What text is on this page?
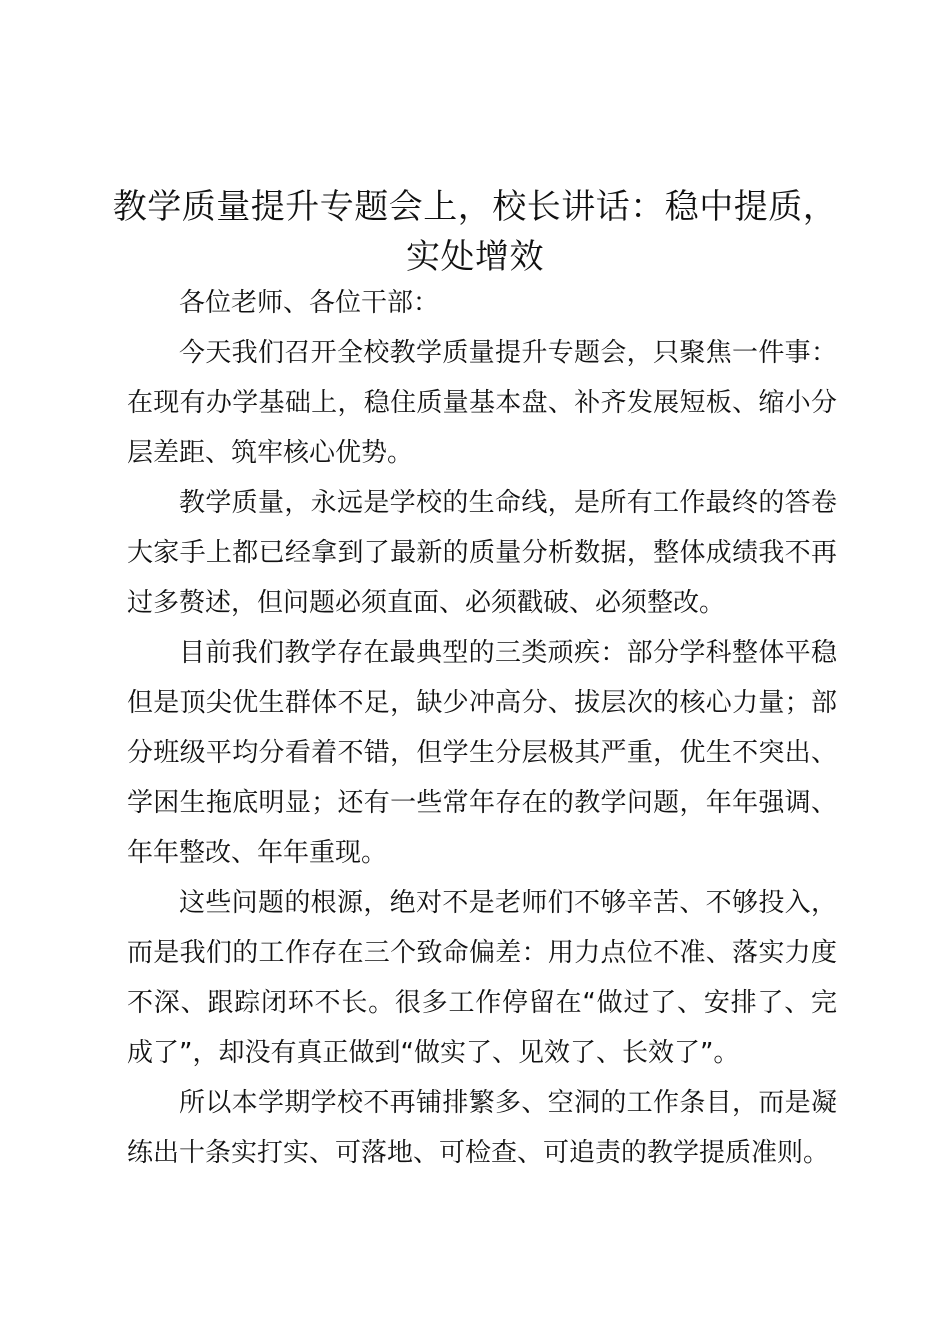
教学质量提升专题会上，校长讲话：稳中提质，
实处增效

各位老师、各位干部：

今天我们召开全校教学质量提升专题会，只聚焦一件事：在现有办学基础上，稳住质量基本盘、补齐发展短板、缩小分层差距、筑牢核心优势。

教学质量，永远是学校的生命线，是所有工作最终的答卷大家手上都已经拿到了最新的质量分析数据，整体成绩我不再过多赘述，但问题必须直面、必须戳破、必须整改。

目前我们教学存在最典型的三类顽疾：部分学科整体平稳但是顶尖优生群体不足，缺少冲高分、拔层次的核心力量；部分班级平均分看着不错，但学生分层极其严重，优生不突出、学困生拖底明显；还有一些常年存在的教学问题，年年强调、年年整改、年年重现。

这些问题的根源，绝对不是老师们不够辛苦、不够投入，而是我们的工作存在三个致命偏差：用力点位不准、落实力度不深、跟踪闭环不长。很多工作停留在“做过了、安排了、完成了”，却没有真正做到“做实了、见效了、长效了”。

所以本学期学校不再铺排繁多、空洞的工作条目，而是凝练出十条实打实、可落地、可检查、可追责的教学提质准则。
